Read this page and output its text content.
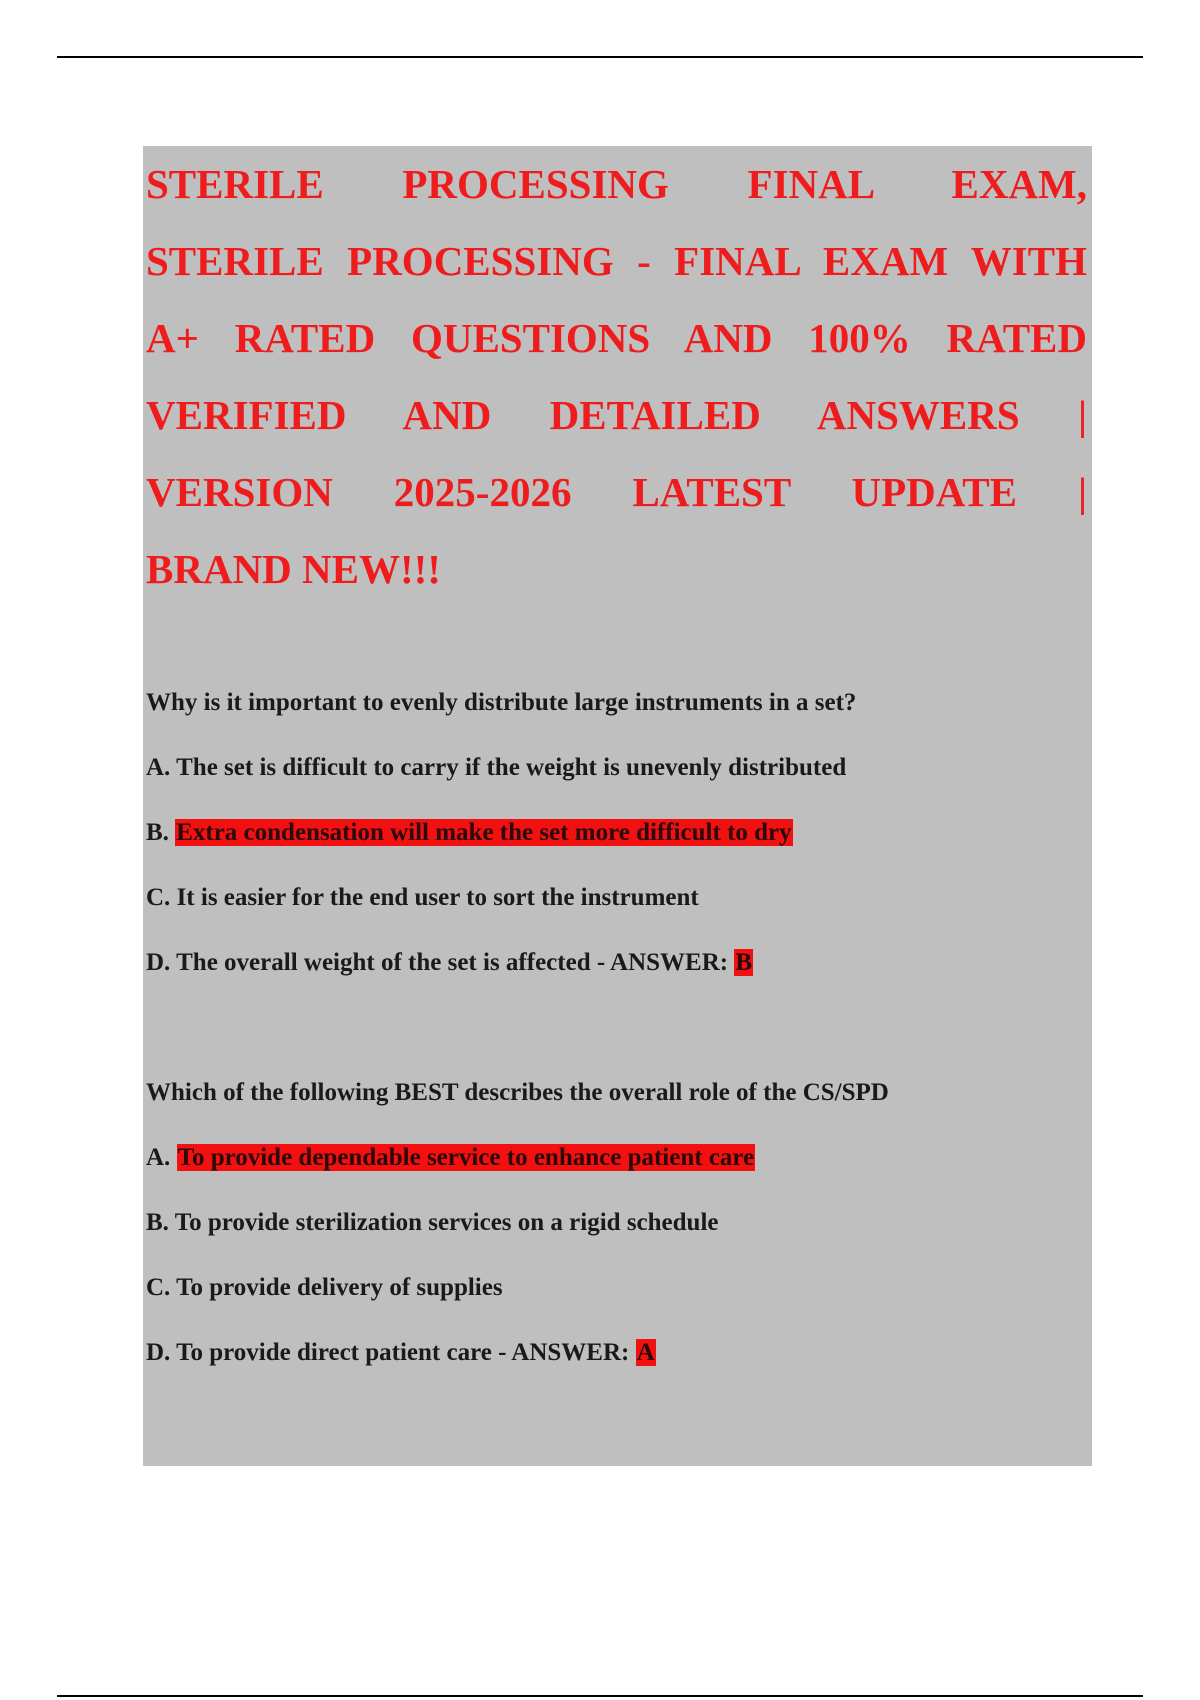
STERILE PROCESSING FINAL EXAM,
STERILE PROCESSING - FINAL EXAM WITH
A+ RATED QUESTIONS AND 100% RATED
VERIFIED AND DETAILED ANSWERS |
VERSION 2025-2026 LATEST UPDATE |
BRAND NEW!!!

Why is it important to evenly distribute large instruments in a set?

A. The set is difficult to carry if the weight is unevenly distributed

B. Extra condensation will make the set more difficult to dry

C. It is easier for the end user to sort the instrument

D. The overall weight of the set is affected - ANSWER: B

Which of the following BEST describes the overall role of the CS/SPD

A. To provide dependable service to enhance patient care

B. To provide sterilization services on a rigid schedule

C. To provide delivery of supplies

D. To provide direct patient care - ANSWER: A
